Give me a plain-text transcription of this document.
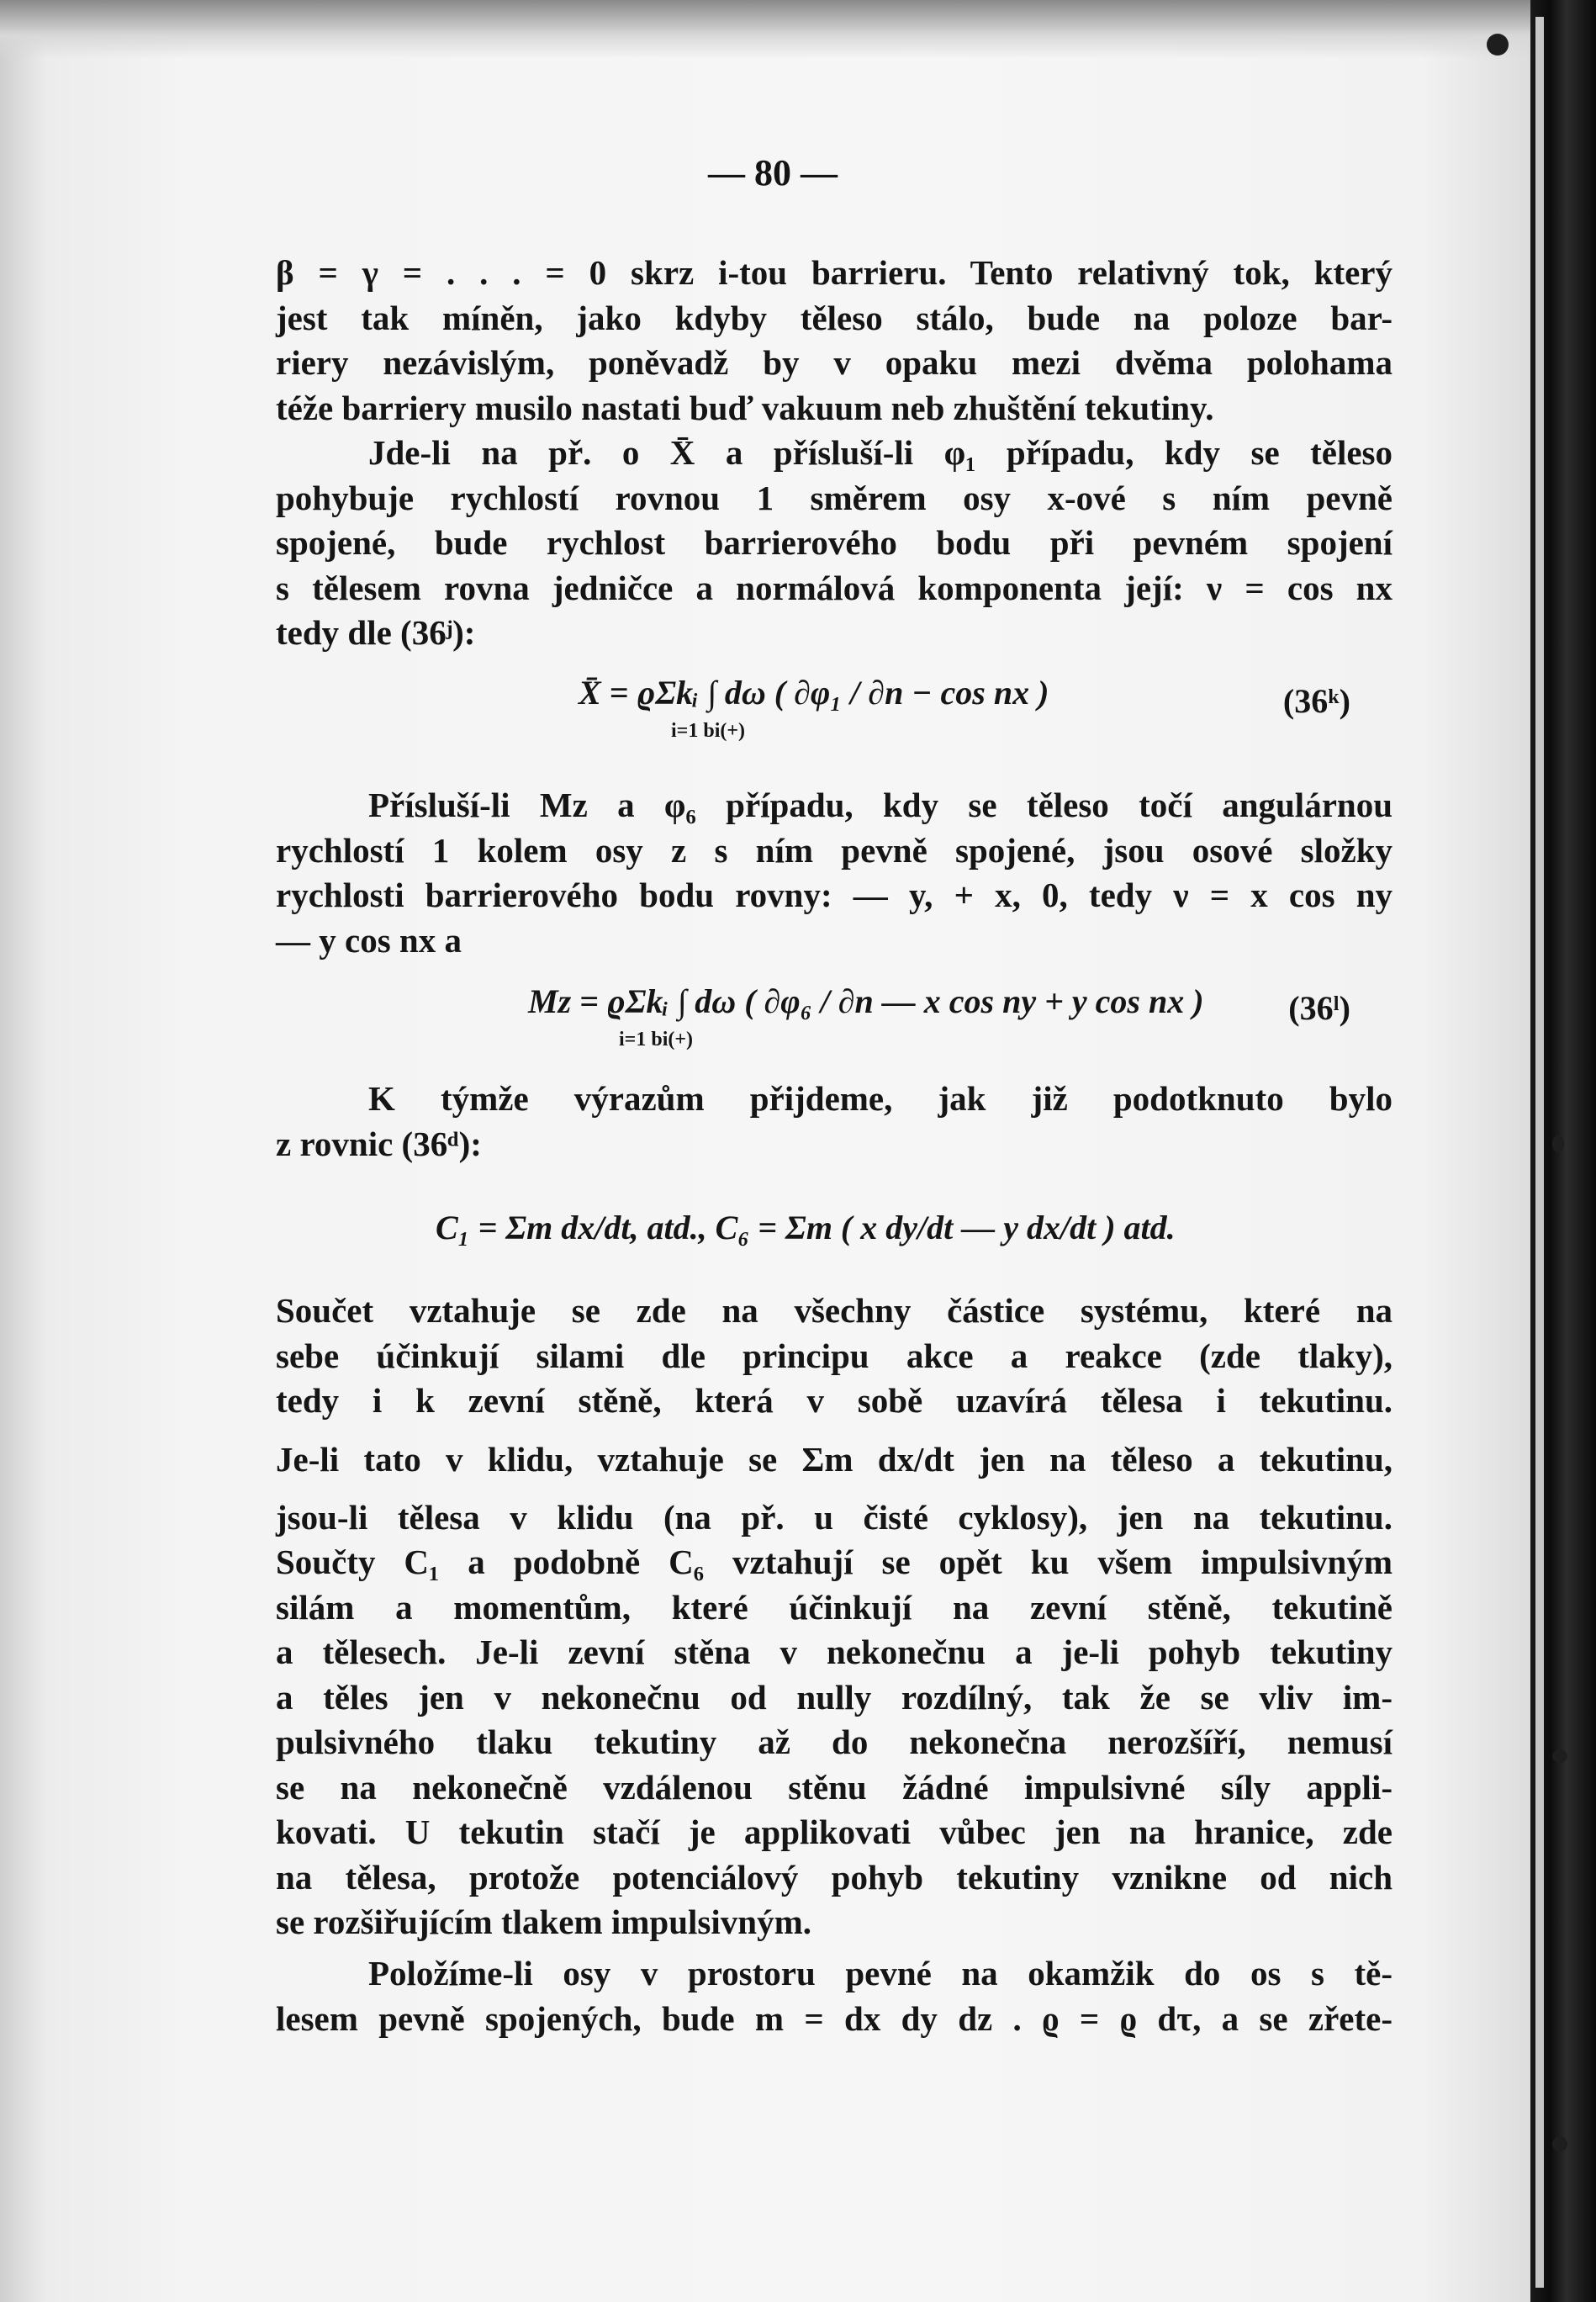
— 80 —
β = γ = . . . = 0 skrz i-tou barrieru. Tento relativný tok, který
jest tak míněn, jako kdyby těleso stálo, bude na poloze bar-
riery nezávislým, poněvadž by v opaku mezi dvěma polohama
téže barriery musilo nastati buď vakuum neb zhuštění tekutiny.
Jde-li na př. o X̄ a přísluší-li φ₁ případu, kdy se těleso
pohybuje rychlostí rovnou 1 směrem osy x-ové s ním pevně
spojené, bude rychlost barrierového bodu při pevném spojení
s tělesem rovna jedničce a normálová komponenta její: ν = cos nx
tedy dle (36ʲ):
X̄ = ϱΣkᵢ ∫ dω ( ∂φ₁ / ∂n − cos nx )
i=1 bi(+)
(36ᵏ)
Přísluší-li Mz a φ₆ případu, kdy se těleso točí angulárnou
rychlostí 1 kolem osy z s ním pevně spojené, jsou osové složky
rychlosti barrierového bodu rovny: — y, + x, 0, tedy ν = x cos ny
— y cos nx a
Mz = ϱΣkᵢ ∫ dω ( ∂φ₆ / ∂n — x cos ny + y cos nx )
i=1 bi(+)
(36ˡ)
K týmže výrazům přijdeme, jak již podotknuto bylo
z rovnic (36ᵈ):
C₁ = Σm dx/dt, atd., C₆ = Σm ( x dy/dt — y dx/dt ) atd.
Součet vztahuje se zde na všechny částice systému, které na
sebe účinkují silami dle principu akce a reakce (zde tlaky),
tedy i k zevní stěně, která v sobě uzavírá tělesa i tekutinu.
Je-li tato v klidu, vztahuje se Σm dx/dt jen na těleso a tekutinu,
jsou-li tělesa v klidu (na př. u čisté cyklosy), jen na tekutinu.
Součty C₁ a podobně C₆ vztahují se opět ku všem impulsivným
silám a momentům, které účinkují na zevní stěně, tekutině
a tělesech. Je-li zevní stěna v nekonečnu a je-li pohyb tekutiny
a těles jen v nekonečnu od nully rozdílný, tak že se vliv im-
pulsivného tlaku tekutiny až do nekonečna nerozšíří, nemusí
se na nekonečně vzdálenou stěnu žádné impulsivné síly appli-
kovati. U tekutin stačí je applikovati vůbec jen na hranice, zde
na tělesa, protože potenciálový pohyb tekutiny vznikne od nich
se rozšiřujícím tlakem impulsivným.
Položíme-li osy v prostoru pevné na okamžik do os s tě-
lesem pevně spojených, bude m = dx dy dz . ϱ = ϱ dτ, a se zřete-
